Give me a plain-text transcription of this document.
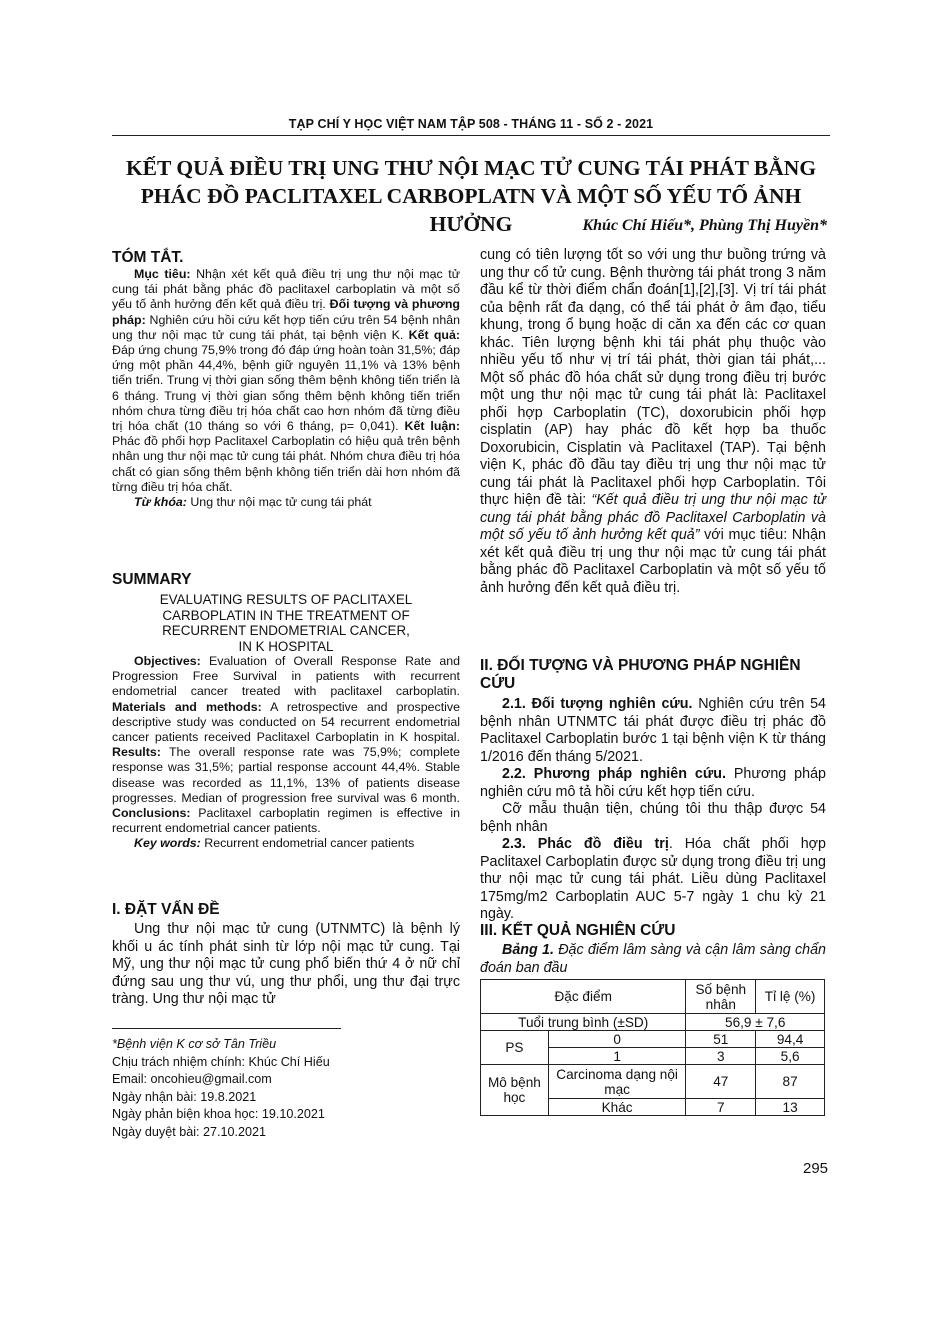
TẠP CHÍ Y HỌC VIỆT NAM TẬP 508 - THÁNG 11 - SỐ 2 - 2021
KẾT QUẢ ĐIỀU TRỊ UNG THƯ NỘI MẠC TỬ CUNG TÁI PHÁT BẰNG
PHÁC ĐỒ PACLITAXEL CARBOPLATN VÀ MỘT SỐ YẾU TỐ ẢNH HƯỞNG	Khúc Chí Hiếu*, Phùng Thị Huyền*
TÓM TẮT.

Mục tiêu: Nhận xét kết quả điều trị ung thư nội mạc tử cung tái phát bằng phác đồ paclitaxel carboplatin và một số yếu tố ảnh hưởng đến kết quả điều trị. Đối tượng và phương pháp: Nghiên cứu hồi cứu kết hợp tiến cứu trên 54 bệnh nhân ung thư nội mạc tử cung tái phát, tại bệnh viện K. Kết quả: Đáp ứng chung 75,9% trong đó đáp ứng hoàn toàn 31,5%; đáp ứng một phần 44,4%, bệnh giữ nguyên 11,1% và 13% bệnh tiến triển. Trung vị thời gian sống thêm bệnh không tiến triển là 6 tháng. Trung vị thời gian sống thêm bệnh không tiến triển nhóm chưa từng điều trị hóa chất cao hơn nhóm đã từng điều trị hóa chất (10 tháng so với 6 tháng, p= 0,041). Kết luận: Phác đồ phối hợp Paclitaxel Carboplatin có hiệu quả trên bệnh nhân ung thư nội mạc tử cung tái phát. Nhóm chưa điều trị hóa chất có gian sống thêm bệnh không tiến triển dài hơn nhóm đã từng điều trị hóa chất.

Từ khóa: Ung thư nội mạc tử cung tái phát

SUMMARY
EVALUATING RESULTS OF PACLITAXEL
CARBOPLATIN IN THE TREATMENT OF
RECURRENT ENDOMETRIAL CANCER,
IN K HOSPITAL

Objectives: Evaluation of Overall Response Rate and Progression Free Survival in patients with recurrent endometrial cancer treated with paclitaxel carboplatin. Materials and methods: A retrospective and prospective descriptive study was conducted on 54 recurrent endometrial cancer patients received Paclitaxel Carboplatin in K hospital. Results: The overall response rate was 75,9%; complete response was 31,5%; partial response account 44,4%. Stable disease was recorded as 11,1%, 13% of patients disease progresses. Median of progression free survival was 6 month. Conclusions: Paclitaxel carboplatin regimen is effective in recurrent endometrial cancer patients.

Key words: Recurrent endometrial cancer patients

I. ĐẶT VẤN ĐỀ

Ung thư nội mạc tử cung (UTNMTC) là bệnh lý khối u ác tính phát sinh từ lớp nội mạc tử cung. Tại Mỹ, ung thư nội mạc tử cung phổ biến thứ 4 ở nữ chỉ đứng sau ung thư vú, ung thư phổi, ung thư đại trực tràng. Ung thư nội mạc tử

*Bệnh viện K cơ sở Tân Triều
Chịu trách nhiệm chính: Khúc Chí Hiếu
Email: oncohieu@gmail.com
Ngày nhận bài: 19.8.2021
Ngày phản biện khoa học: 19.10.2021
Ngày duyệt bài: 27.10.2021

cung có tiên lượng tốt so với ung thư buồng trứng và ung thư cổ tử cung. Bệnh thường tái phát trong 3 năm đầu kể từ thời điểm chẩn đoán[1],[2],[3]. Vị trí tái phát của bệnh rất đa dạng, có thể tái phát ở âm đạo, tiểu khung, trong ổ bụng hoặc di căn xa đến các cơ quan khác. Tiên lượng bệnh khi tái phát phụ thuộc vào nhiều yếu tố như vị trí tái phát, thời gian tái phát,... Một số phác đồ hóa chất sử dụng trong điều trị bước một ung thư nội mạc tử cung tái phát là: Paclitaxel phối hợp Carboplatin (TC), doxorubicin phối hợp cisplatin (AP) hay phác đồ kết hợp ba thuốc Doxorubicin, Cisplatin và Paclitaxel (TAP). Tại bệnh viện K, phác đồ đầu tay điều trị ung thư nội mạc tử cung tái phát là Paclitaxel phối hợp Carboplatin. Tôi thực hiện đề tài: “Kết quả điều trị ung thư nội mạc tử cung tái phát bằng phác đồ Paclitaxel Carboplatin và một số yếu tố ảnh hưởng kết quả” với mục tiêu: Nhận xét kết quả điều trị ung thư nội mạc tử cung tái phát bằng phác đồ Paclitaxel Carboplatin và một số yếu tố ảnh hưởng đến kết quả điều trị.

II. ĐỐI TƯỢNG VÀ PHƯƠNG PHÁP NGHIÊN CỨU

2.1. Đối tượng nghiên cứu. Nghiên cứu trên 54 bệnh nhân UTNMTC tái phát được điều trị phác đồ Paclitaxel Carboplatin bước 1 tại bệnh viện K từ tháng 1/2016 đến tháng 5/2021.

2.2. Phương pháp nghiên cứu. Phương pháp nghiên cứu mô tả hồi cứu kết hợp tiến cứu.

Cỡ mẫu thuận tiện, chúng tôi thu thập được 54 bệnh nhân

2.3. Phác đồ điều trị. Hóa chất phối hợp Paclitaxel Carboplatin được sử dụng trong điều trị ung thư nội mạc tử cung tái phát. Liều dùng Paclitaxel 175mg/m2 Carboplatin AUC 5-7 ngày 1 chu kỳ 21 ngày.

III. KẾT QUẢ NGHIÊN CỨU

Bảng 1. Đặc điểm lâm sàng và cận lâm sàng chẩn đoán ban đầu

Đặc điểm		Số bệnh nhân	Tỉ lệ (%)
Tuổi trung bình (±SD)		56,9 ± 7,6	
PS	0	51	94,4
	1	3	5,6
Mô bệnh học	Carcinoma dạng nội mạc	47	87
	Khác	7	13
295
